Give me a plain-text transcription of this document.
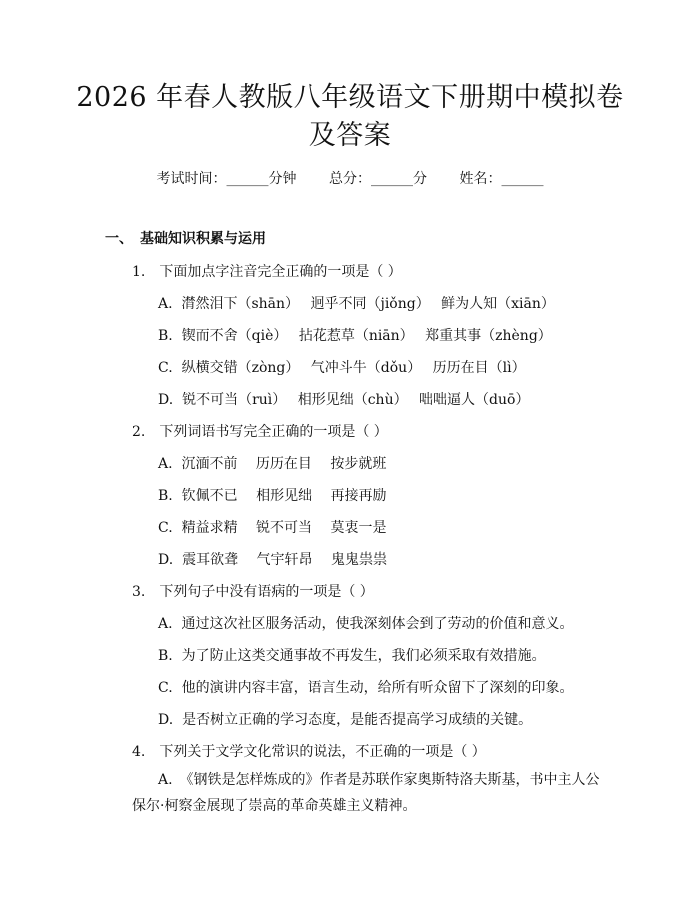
2026 年春人教版八年级语文下册期中模拟卷
及答案
考试时间：______分钟　　 总分：______分　　 姓名：______
一、　基础知识积累与运用
1.　下面加点字注音完全正确的一项是（ ）
A.  潸然泪下（shān）　 迥乎不同（jiǒng）　 鲜为人知（xiān）
B.  锲而不舍（qiè）　 拈花惹草（niān）　 郑重其事（zhèng）
C.  纵横交错（zòng）　 气冲斗牛（dǒu）　 历历在目（lì）
D.  锐不可当（ruì）　 相形见绌（chù）　 咄咄逼人（duō）
2.　下列词语书写完全正确的一项是（ ）
A.  沉湎不前　 历历在目　 按步就班
B.  钦佩不已　 相形见绌　 再接再励
C.  精益求精　 锐不可当　 莫衷一是
D.  震耳欲聋　 气宇轩昂　 鬼鬼祟祟
3.　下列句子中没有语病的一项是（ ）
A.  通过这次社区服务活动，使我深刻体会到了劳动的价值和意义。
B.  为了防止这类交通事故不再发生，我们必须采取有效措施。
C.  他的演讲内容丰富，语言生动，给所有听众留下了深刻的印象。
D.  是否树立正确的学习态度，是能否提高学习成绩的关键。
4.　下列关于文学文化常识的说法，不正确的一项是（ ）
A.　《钢铁是怎样炼成的》作者是苏联作家奥斯特洛夫斯基，书中主人公保尔·柯察金展现了崇高的革命英雄主义精神。
